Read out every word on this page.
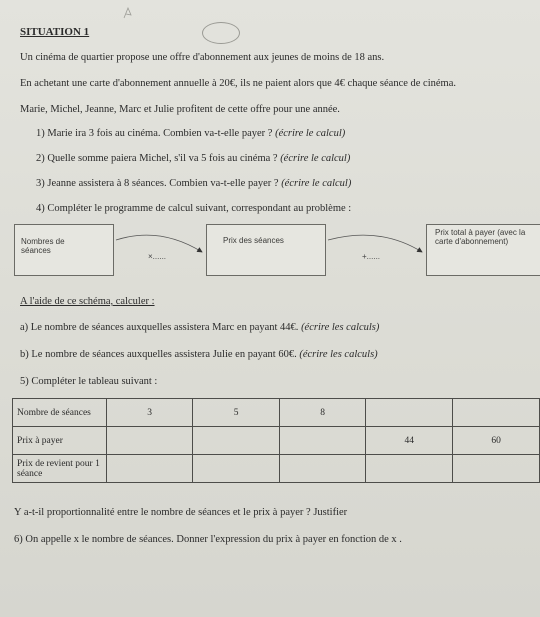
SITUATION 1
Un cinéma de quartier propose une offre d'abonnement aux jeunes de moins de 18 ans.
En achetant une carte d'abonnement annuelle à 20€, ils ne paient alors que 4€ chaque séance de cinéma.
Marie, Michel, Jeanne, Marc et Julie profitent de cette offre pour une année.
1) Marie ira 3 fois au cinéma. Combien va-t-elle payer ? (écrire le calcul)
2) Quelle somme paiera Michel, s'il va 5 fois au cinéma ? (écrire le calcul)
3) Jeanne assistera à 8 séances. Combien va-t-elle payer ? (écrire le calcul)
4) Compléter le programme de calcul suivant, correspondant au problème :
Nombres de séances
Prix des séances
Prix total à payer (avec la carte d'abonnement)
×......	+......
A l'aide de ce schéma, calculer :
a) Le nombre de séances auxquelles assistera Marc en payant 44€. (écrire les calculs)
b) Le nombre de séances auxquelles assistera Julie en payant 60€. (écrire les calculs)
5) Compléter le tableau suivant :
Nombre de séances	3	5	8		
Prix à payer				44	60
Prix de revient pour 1 séance					
Y a-t-il proportionnalité entre le nombre de séances et le prix à payer ? Justifier
6) On appelle x le nombre de séances. Donner l'expression du prix à payer en fonction de x .
